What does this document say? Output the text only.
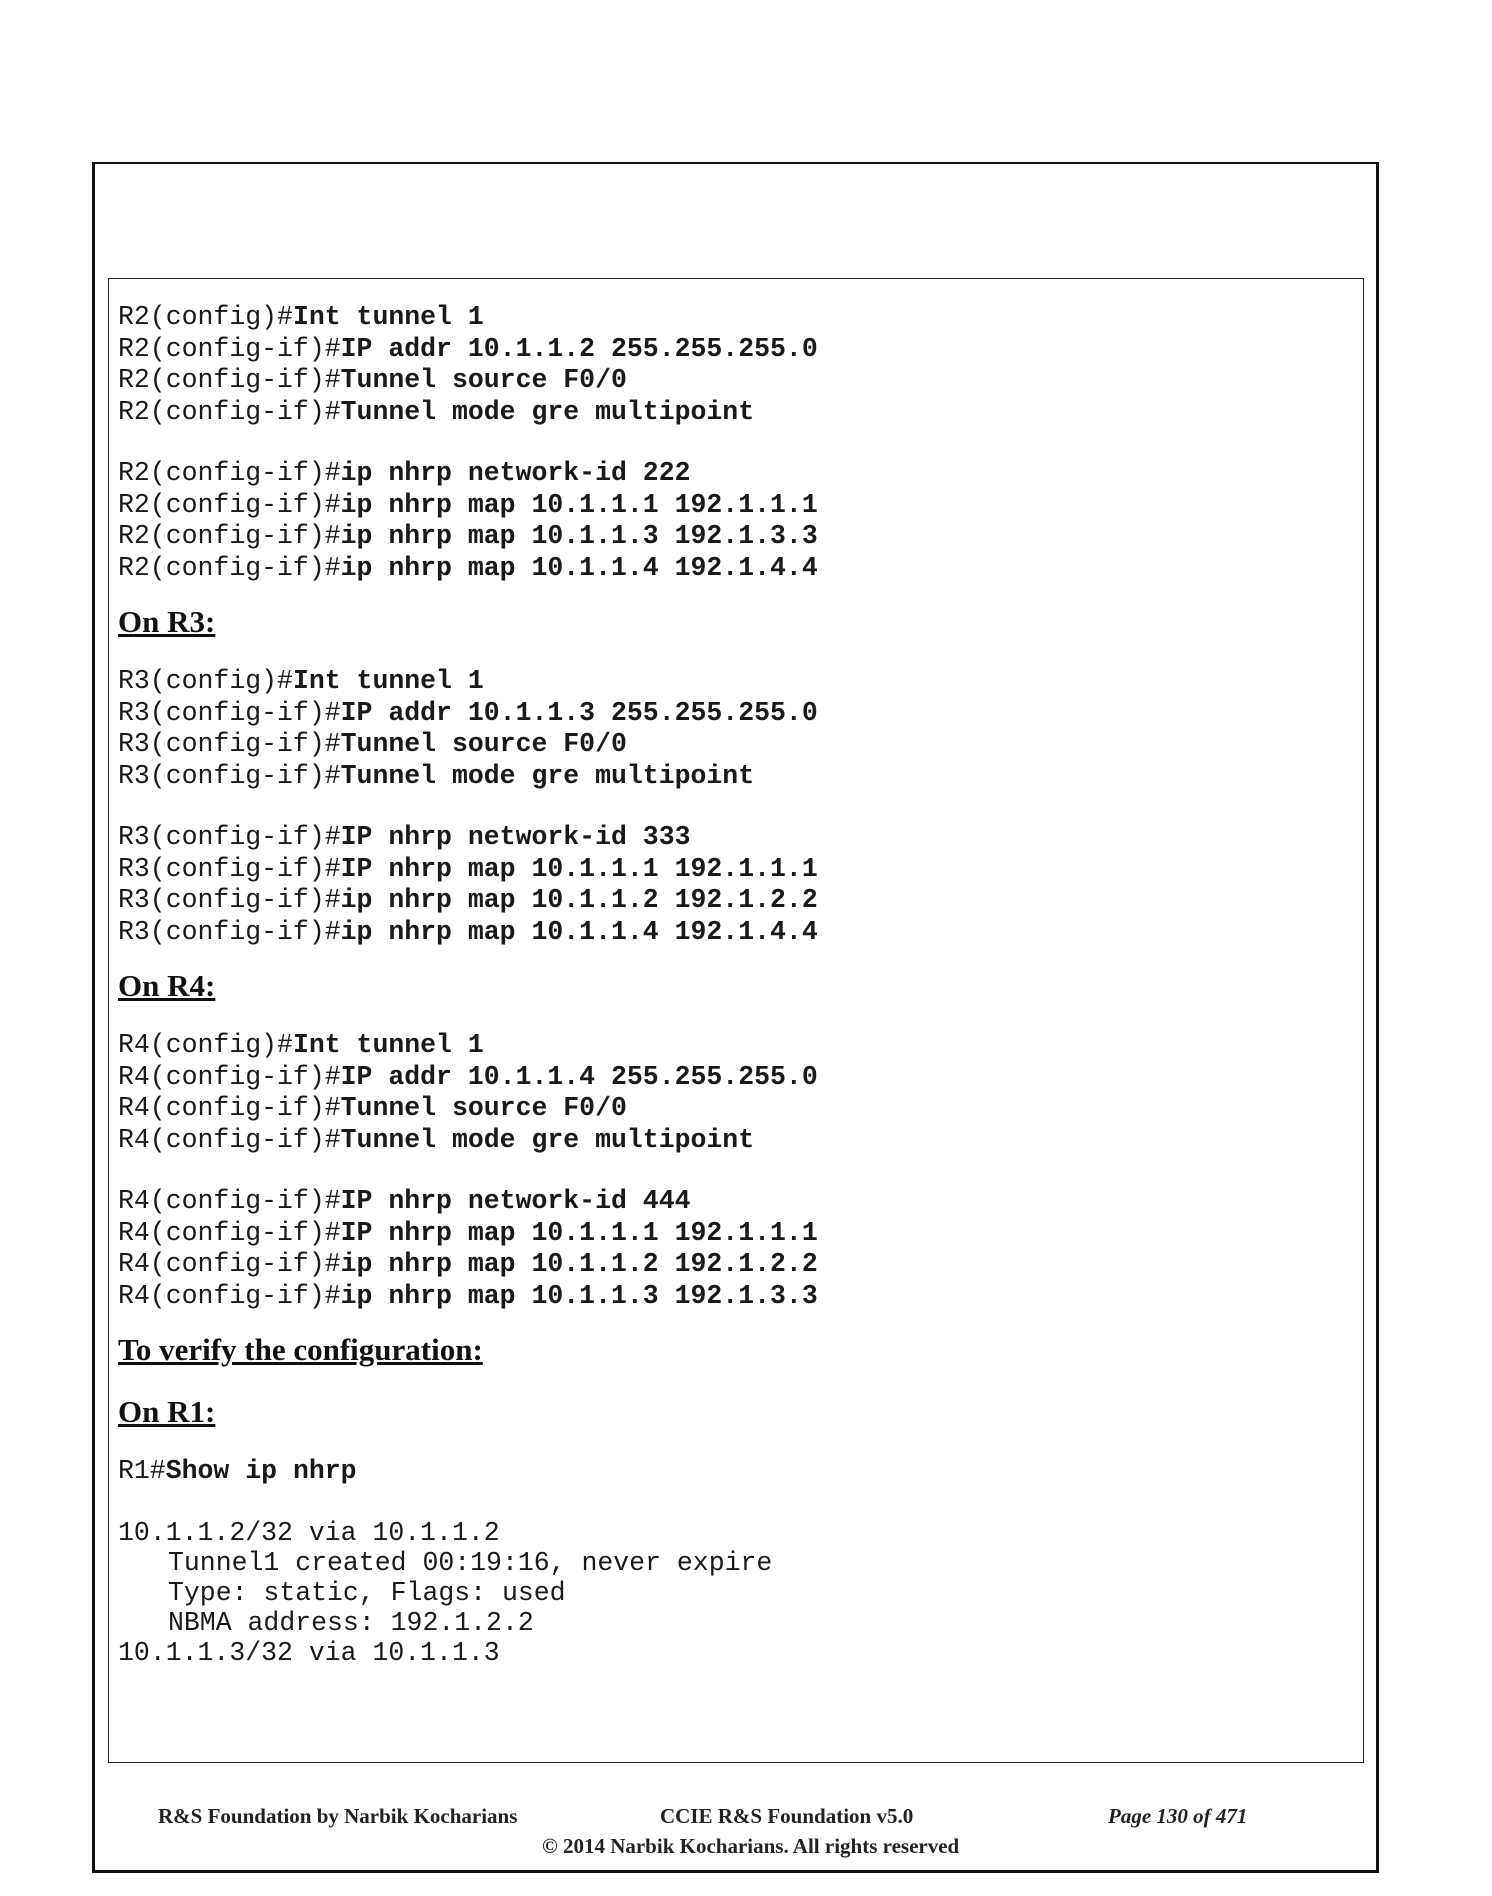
R2(config)#Int tunnel 1
R2(config-if)#IP addr 10.1.1.2 255.255.255.0
R2(config-if)#Tunnel source F0/0
R2(config-if)#Tunnel mode gre multipoint
R2(config-if)#ip nhrp network-id 222
R2(config-if)#ip nhrp map 10.1.1.1 192.1.1.1
R2(config-if)#ip nhrp map 10.1.1.3 192.1.3.3
R2(config-if)#ip nhrp map 10.1.1.4 192.1.4.4
On R3:
R3(config)#Int tunnel 1
R3(config-if)#IP addr 10.1.1.3 255.255.255.0
R3(config-if)#Tunnel source F0/0
R3(config-if)#Tunnel mode gre multipoint
R3(config-if)#IP nhrp network-id 333
R3(config-if)#IP nhrp map 10.1.1.1 192.1.1.1
R3(config-if)#ip nhrp map 10.1.1.2 192.1.2.2
R3(config-if)#ip nhrp map 10.1.1.4 192.1.4.4
On R4:
R4(config)#Int tunnel 1
R4(config-if)#IP addr 10.1.1.4 255.255.255.0
R4(config-if)#Tunnel source F0/0
R4(config-if)#Tunnel mode gre multipoint
R4(config-if)#IP nhrp network-id 444
R4(config-if)#IP nhrp map 10.1.1.1 192.1.1.1
R4(config-if)#ip nhrp map 10.1.1.2 192.1.2.2
R4(config-if)#ip nhrp map 10.1.1.3 192.1.3.3
To verify the configuration:
On R1:
R1#Show ip nhrp
10.1.1.2/32 via 10.1.1.2
Tunnel1 created 00:19:16, never expire
Type: static, Flags: used
NBMA address: 192.1.2.2
10.1.1.3/32 via 10.1.1.3
R&S Foundation by Narbik Kocharians	CCIE R&S Foundation v5.0	Page 130 of 471
© 2014 Narbik Kocharians. All rights reserved
